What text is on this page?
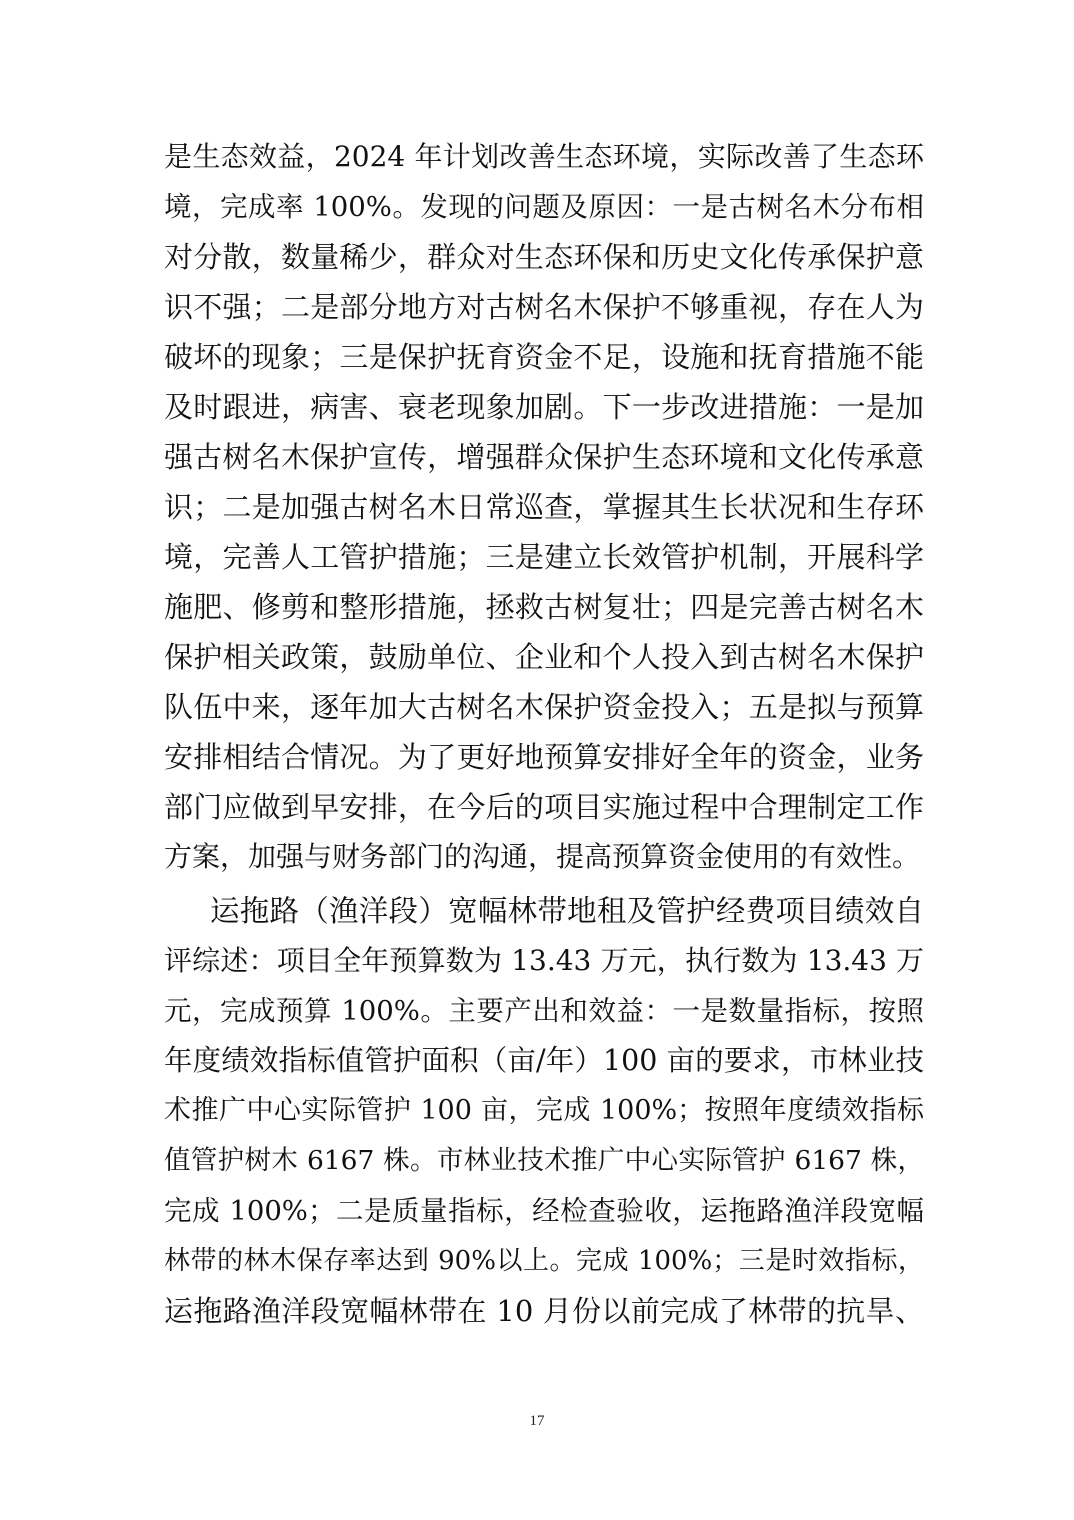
是生态效益，2024 年计划改善生态环境，实际改善了生态环
境，完成率 100%。发现的问题及原因：一是古树名木分布相
对分散，数量稀少，群众对生态环保和历史文化传承保护意
识不强；二是部分地方对古树名木保护不够重视，存在人为
破坏的现象；三是保护抚育资金不足，设施和抚育措施不能
及时跟进，病害、衰老现象加剧。下一步改进措施：一是加
强古树名木保护宣传，增强群众保护生态环境和文化传承意
识；二是加强古树名木日常巡查，掌握其生长状况和生存环
境，完善人工管护措施；三是建立长效管护机制，开展科学
施肥、修剪和整形措施，拯救古树复壮；四是完善古树名木
保护相关政策，鼓励单位、企业和个人投入到古树名木保护
队伍中来，逐年加大古树名木保护资金投入；五是拟与预算
安排相结合情况。为了更好地预算安排好全年的资金，业务
部门应做到早安排，在今后的项目实施过程中合理制定工作
方案，加强与财务部门的沟通，提高预算资金使用的有效性。
运拖路（渔洋段）宽幅林带地租及管护经费项目绩效自
评综述：项目全年预算数为 13.43 万元，执行数为 13.43 万
元，完成预算 100%。主要产出和效益：一是数量指标，按照
年度绩效指标值管护面积（亩/年）100 亩的要求，市林业技
术推广中心实际管护 100 亩，完成 100%；按照年度绩效指标
值管护树木 6167 株。市林业技术推广中心实际管护 6167 株，
完成 100%；二是质量指标，经检查验收，运拖路渔洋段宽幅
林带的林木保存率达到 90%以上。完成 100%；三是时效指标，
运拖路渔洋段宽幅林带在 10 月份以前完成了林带的抗旱、
17
